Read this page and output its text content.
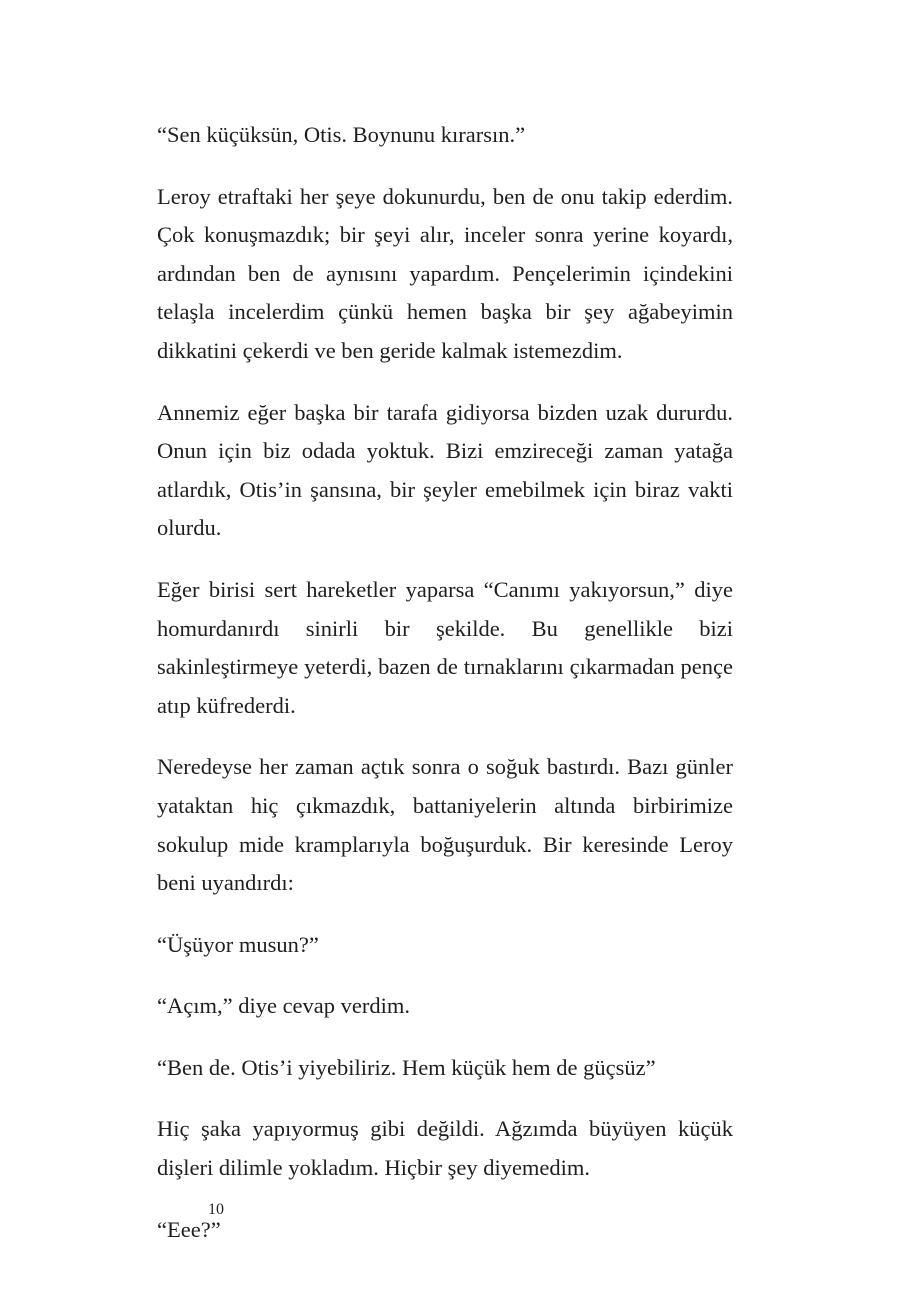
“Sen küçüksün, Otis. Boynunu kırarsın.”

Leroy etraftaki her şeye dokunurdu, ben de onu takip ederdim. Çok konuşmazdık; bir şeyi alır, inceler sonra yerine koyardı, ardından ben de aynısını yapardım. Pençelerimin içindekini telaşla incelerdim çünkü hemen başka bir şey ağabeyimin dikkatini çekerdi ve ben geride kalmak istemezdim.

Annemiz eğer başka bir tarafa gidiyorsa bizden uzak dururdu. Onun için biz odada yoktuk. Bizi emzireceği zaman yatağa atlardık, Otis’in şansına, bir şeyler emebilmek için biraz vakti olurdu.

Eğer birisi sert hareketler yaparsa “Canımı yakıyorsun,” diye homurdanırdı sinirli bir şekilde. Bu genellikle bizi sakinleştirmeye yeterdi, bazen de tırnaklarını çıkarmadan pençe atıp küfrederdi.

Neredeyse her zaman açtık sonra o soğuk bastırdı. Bazı günler yataktan hiç çıkmazdık, battaniyelerin altında birbirimize sokulup mide kramplarıyla boğuşurduk. Bir keresinde Leroy beni uyandırdı:

“Üşüyor musun?”

“Açım,” diye cevap verdim.

“Ben de. Otis’i yiyebiliriz. Hem küçük hem de güçsüz”

Hiç şaka yapıyormuş gibi değildi. Ağzımda büyüyen küçük dişleri dilimle yokladım. Hiçbir şey diyemedim.

“Eee?”

10
